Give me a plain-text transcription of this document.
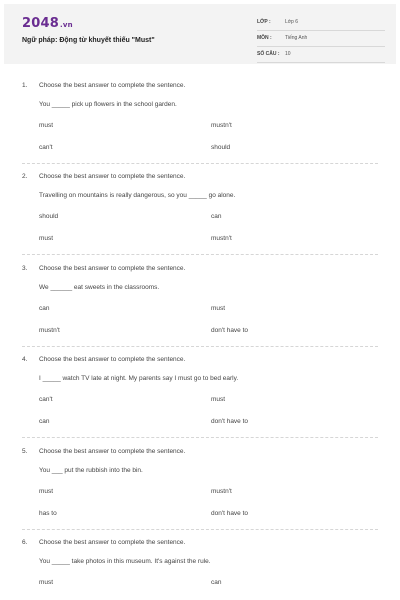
2048.vn
Ngữ pháp: Động từ khuyết thiếu "Must"
LỚP :	Lớp 6
MÔN :	Tiếng Anh
SỐ CÂU : 10
1. Choose the best answer to complete the sentence.
You _____ pick up flowers in the school garden.
must	mustn't
can't	should
2. Choose the best answer to complete the sentence.
Travelling on mountains is really dangerous, so you _____ go alone.
should	can
must	mustn't
3. Choose the best answer to complete the sentence.
We ______ eat sweets in the classrooms.
can	must
mustn't	don't have to
4. Choose the best answer to complete the sentence.
I _____ watch TV late at night. My parents say I must go to bed early.
can't	must
can	don't have to
5. Choose the best answer to complete the sentence.
You ___ put the rubbish into the bin.
must	mustn't
has to	don't have to
6. Choose the best answer to complete the sentence.
You _____ take photos in this museum. It's against the rule.
must	can
